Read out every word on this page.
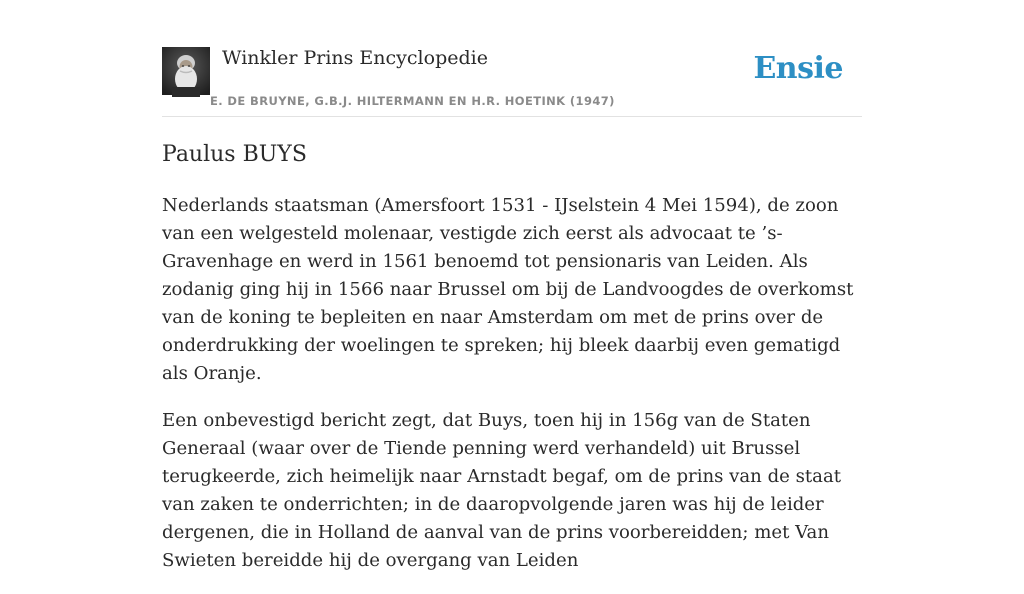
Winkler Prins Encyclopedie
E. DE BRUYNE, G.B.J. HILTERMANN EN H.R. HOETINK (1947)
Ensie
Paulus BUYS

Nederlands staatsman (Amersfoort 1531 - IJselstein 4 Mei 1594), de zoon van een welgesteld molenaar, vestigde zich eerst als advocaat te ’s-Gravenhage en werd in 1561 benoemd tot pensionaris van Leiden. Als zodanig ging hij in 1566 naar Brussel om bij de Landvoogdes de overkomst van de koning te bepleiten en naar Amsterdam om met de prins over de onderdrukking der woelingen te spreken; hij bleek daarbij even gematigd als Oranje.

Een onbevestigd bericht zegt, dat Buys, toen hij in 156g van de Staten Generaal (waar over de Tiende penning werd verhandeld) uit Brussel terugkeerde, zich heimelijk naar Arnstadt begaf, om de prins van de staat van zaken te onderrichten; in de daaropvolgende jaren was hij de leider dergenen, die in Holland de aanval van de prins voorbereidden; met Van Swieten bereidde hij de overgang van Leiden
